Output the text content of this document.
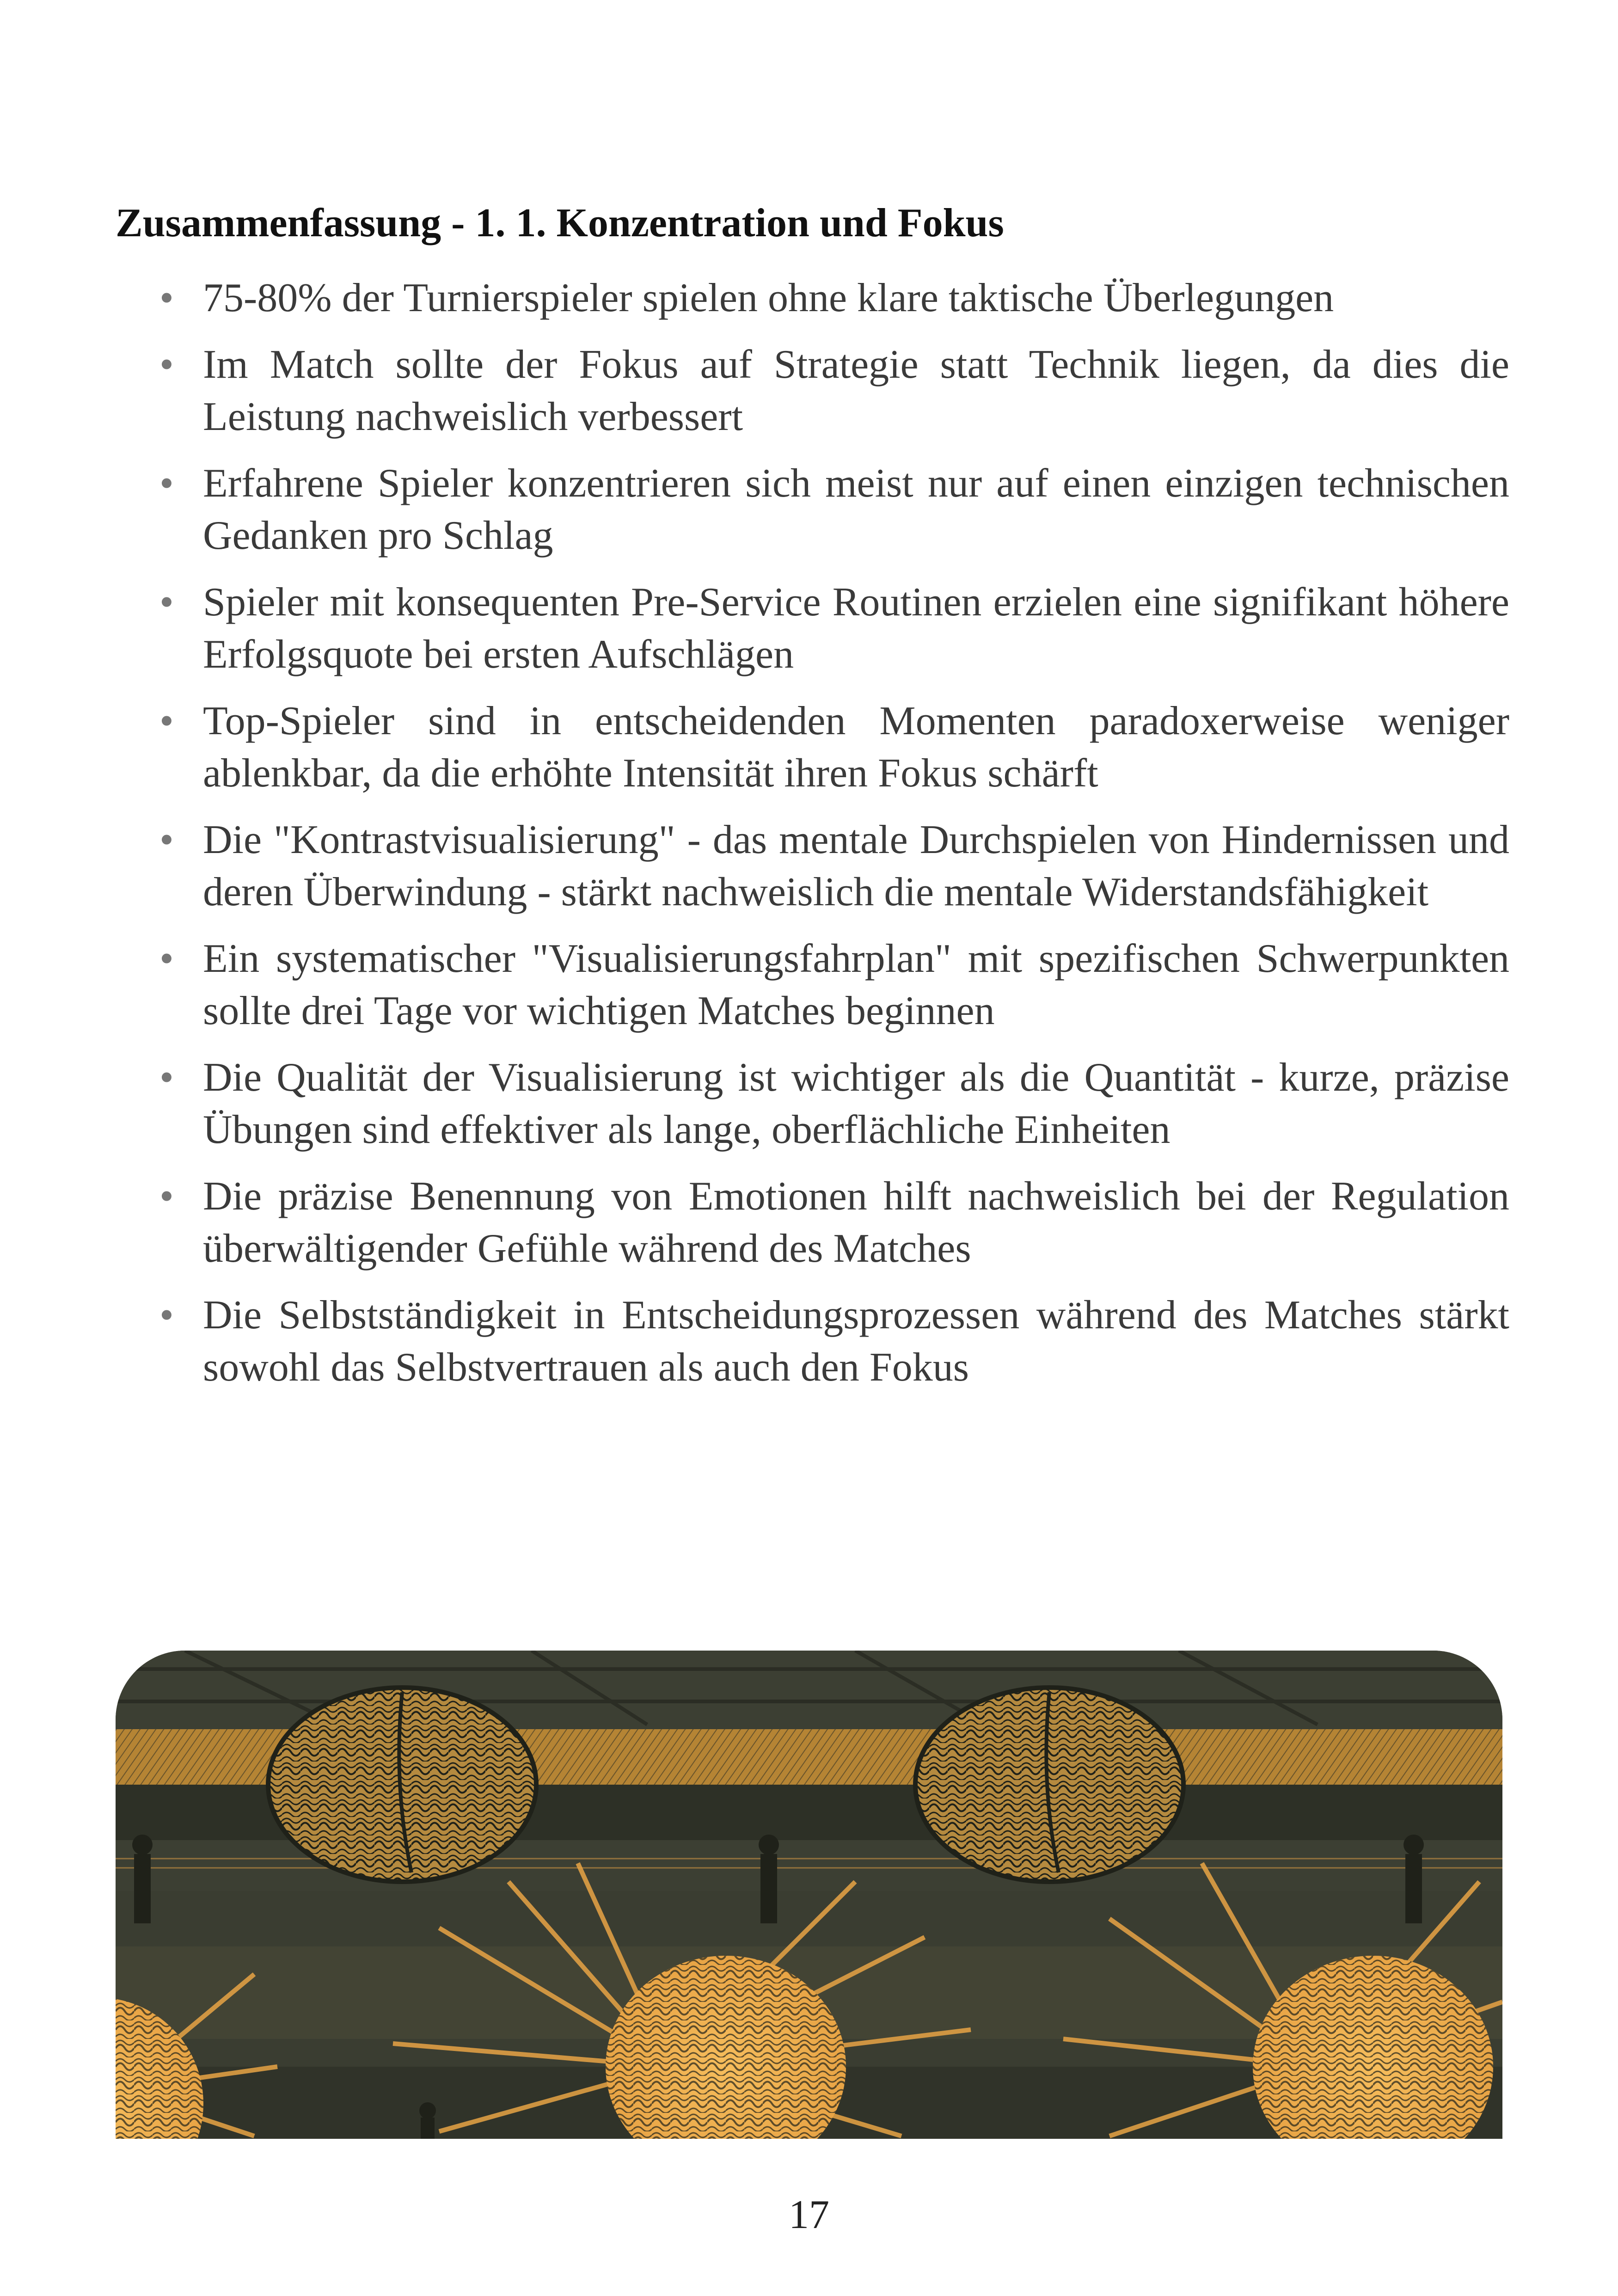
Zusammenfassung - 1. 1. Konzentration und Fokus
• 75-80% der Turnierspieler spielen ohne klare taktische Überlegungen
• Im Match sollte der Fokus auf Strategie statt Technik liegen, da dies die Leistung nachweislich verbessert
• Erfahrene Spieler konzentrieren sich meist nur auf einen einzigen technischen Gedanken pro Schlag
• Spieler mit konsequenten Pre-Service Routinen erzielen eine signifikant höhere Erfolgsquote bei ersten Aufschlägen
• Top-Spieler sind in entscheidenden Momenten paradoxerweise weniger ablenkbar, da die erhöhte Intensität ihren Fokus schärft
• Die "Kontrastvisualisierung" - das mentale Durchspielen von Hindernissen und deren Überwindung - stärkt nachweislich die mentale Widerstandsfähigkeit
• Ein systematischer "Visualisierungsfahrplan" mit spezifischen Schwerpunkten sollte drei Tage vor wichtigen Matches beginnen
• Die Qualität der Visualisierung ist wichtiger als die Quantität - kurze, präzise Übungen sind effektiver als lange, oberflächliche Einheiten
• Die präzise Benennung von Emotionen hilft nachweislich bei der Regulation überwältigender Gefühle während des Matches
• Die Selbstständigkeit in Entscheidungsprozessen während des Matches stärkt sowohl das Selbstvertrauen als auch den Fokus
17
